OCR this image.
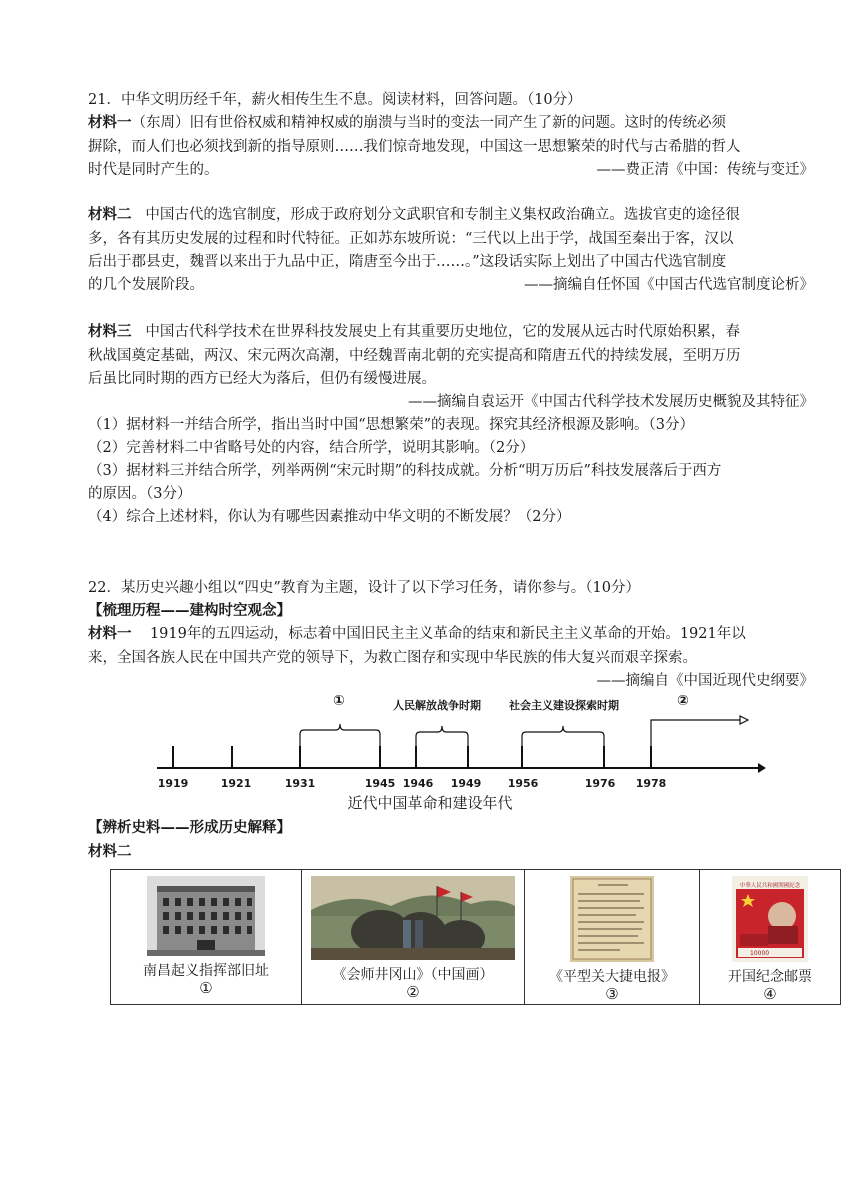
21．中华文明历经千年，薪火相传生生不息。阅读材料，回答问题。（10分）
材料一（东周）旧有世俗权威和精神权威的崩溃与当时的变法一同产生了新的问题。这时的传统必须
摒除，而人们也必须找到新的指导原则……我们惊奇地发现，中国这一思想繁荣的时代与古希腊的哲人
时代是同时产生的。	——费正清《中国：传统与变迁》
材料二 中国古代的选官制度，形成于政府划分文武职官和专制主义集权政治确立。选拔官吏的途径很
多，各有其历史发展的过程和时代特征。正如苏东坡所说：“三代以上出于学，战国至秦出于客，汉以
后出于郡县吏，魏晋以来出于九品中正，隋唐至今出于……。”这段话实际上划出了中国古代选官制度
的几个发展阶段。	——摘编自任怀国《中国古代选官制度论析》
材料三 中国古代科学技术在世界科技发展史上有其重要历史地位，它的发展从远古时代原始积累，春
秋战国奠定基础，两汉、宋元两次高潮，中经魏晋南北朝的充实提高和隋唐五代的持续发展，至明万历
后虽比同时期的西方已经大为落后，但仍有缓慢进展。
——摘编自袁运开《中国古代科学技术发展历史概貌及其特征》
（1）据材料一并结合所学，指出当时中国“思想繁荣”的表现。探究其经济根源及影响。（3分）
（2）完善材料二中省略号处的内容，结合所学，说明其影响。（2分）
（3）据材料三并结合所学，列举两例“宋元时期”的科技成就。分析“明万历后”科技发展落后于西方
的原因。（3分）
（4）综合上述材料，你认为有哪些因素推动中华文明的不断发展？（2分）
22．某历史兴趣小组以“四史”教育为主题，设计了以下学习任务，请你参与。（10分）
【梳理历程——建构时空观念】
材料一 1919年的五四运动，标志着中国旧民主主义革命的结束和新民主主义革命的开始。1921年以
来，全国各族人民在中国共产党的领导下，为救亡图存和实现中华民族的伟大复兴而艰辛探索。
——摘编自《中国近现代史纲要》
①	人民解放战争时期	社会主义建设探索时期	②
1919	1921	1931	1945 1946 1949 1956	1976 1978
近代中国革命和建设年代
【辨析史料——形成历史解释】
材料二
南昌起义指挥部旧址
①

《会师井冈山》（中国画）
②

《平型关大捷电报》
③

中華人民共和國開國紀念
10000
开国纪念邮票
④
